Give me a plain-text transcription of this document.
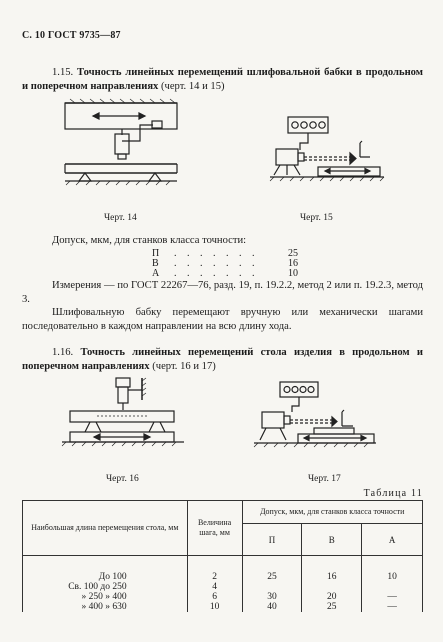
С. 10 ГОСТ 9735—87
1.15. Точность линейных перемещений шлифовальной бабки в продольном и поперечном направлениях (черт. 14 и 15)
Черт. 14	Черт. 15
Допуск, мкм, для станков класса точности:
П . . . . . . .	25
В . . . . . . .	16
А . . . . . . .	10
Измерения — по ГОСТ 22267—76, разд. 19, п. 19.2.2, метод 2 или п. 19.2.3, метод 3.
Шлифовальную бабку перемещают вручную или механически шагами последовательно в каждом направлении на всю длину хода.
1.16. Точность линейных перемещений стола изделия в продольном и поперечном направлениях (черт. 16 и 17)
Черт. 16	Черт. 17
Таблица 11
Наибольшая длина перемещения стола, мм	Величина шага, мм	Допуск, мкм, для станков класса точности		
		П	В	А
До 100	2	25	16	10
Св. 100 до 250	4			
» 250 » 400	6	30	20	—
» 400 » 630	10	40	25	—
